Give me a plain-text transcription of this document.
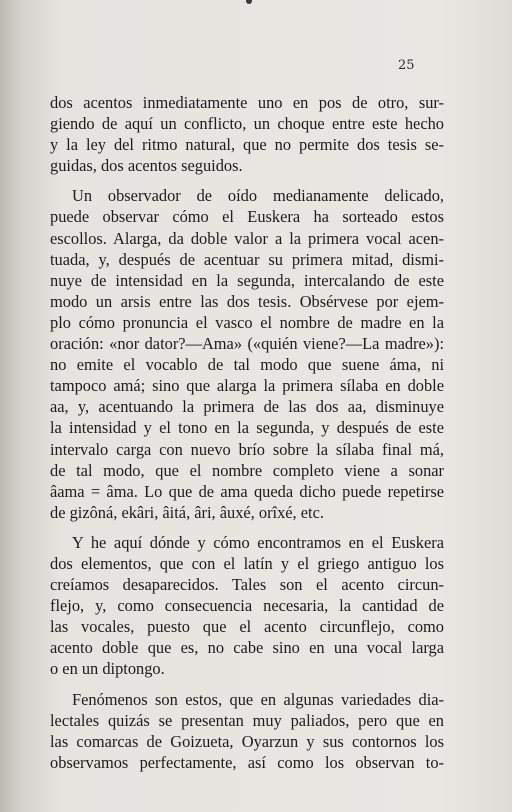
25
dos acentos inmediatamente uno en pos de otro, sur-
giendo de aquí un conflicto, un choque entre este hecho
y la ley del ritmo natural, que no permite dos tesis se-
guidas, dos acentos seguidos.
Un observador de oído medianamente delicado,
puede observar cómo el Euskera ha sorteado estos
escollos. Alarga, da doble valor a la primera vocal acen-
tuada, y, después de acentuar su primera mitad, dismi-
nuye de intensidad en la segunda, intercalando de este
modo un arsis entre las dos tesis. Obsérvese por ejem-
plo cómo pronuncia el vasco el nombre de madre en la
oración: «nor dator?—Ama» («quién viene?—La madre»):
no emite el vocablo de tal modo que suene áma, ni
tampoco amá; sino que alarga la primera sílaba en doble
aa, y, acentuando la primera de las dos aa, disminuye
la intensidad y el tono en la segunda, y después de este
intervalo carga con nuevo brío sobre la sílaba final má,
de tal modo, que el nombre completo viene a sonar
âama = âma. Lo que de ama queda dicho puede repetirse
de gizôná, ekâri, âitá, âri, âuxé, orîxé, etc.
Y he aquí dónde y cómo encontramos en el Euskera
dos elementos, que con el latín y el griego antiguo los
creíamos desaparecidos. Tales son el acento circun-
flejo, y, como consecuencia necesaria, la cantidad de
las vocales, puesto que el acento circunflejo, como
acento doble que es, no cabe sino en una vocal larga
o en un diptongo.
Fenómenos son estos, que en algunas variedades dia-
lectales quizás se presentan muy paliados, pero que en
las comarcas de Goizueta, Oyarzun y sus contornos los
observamos perfectamente, así como los observan to-
